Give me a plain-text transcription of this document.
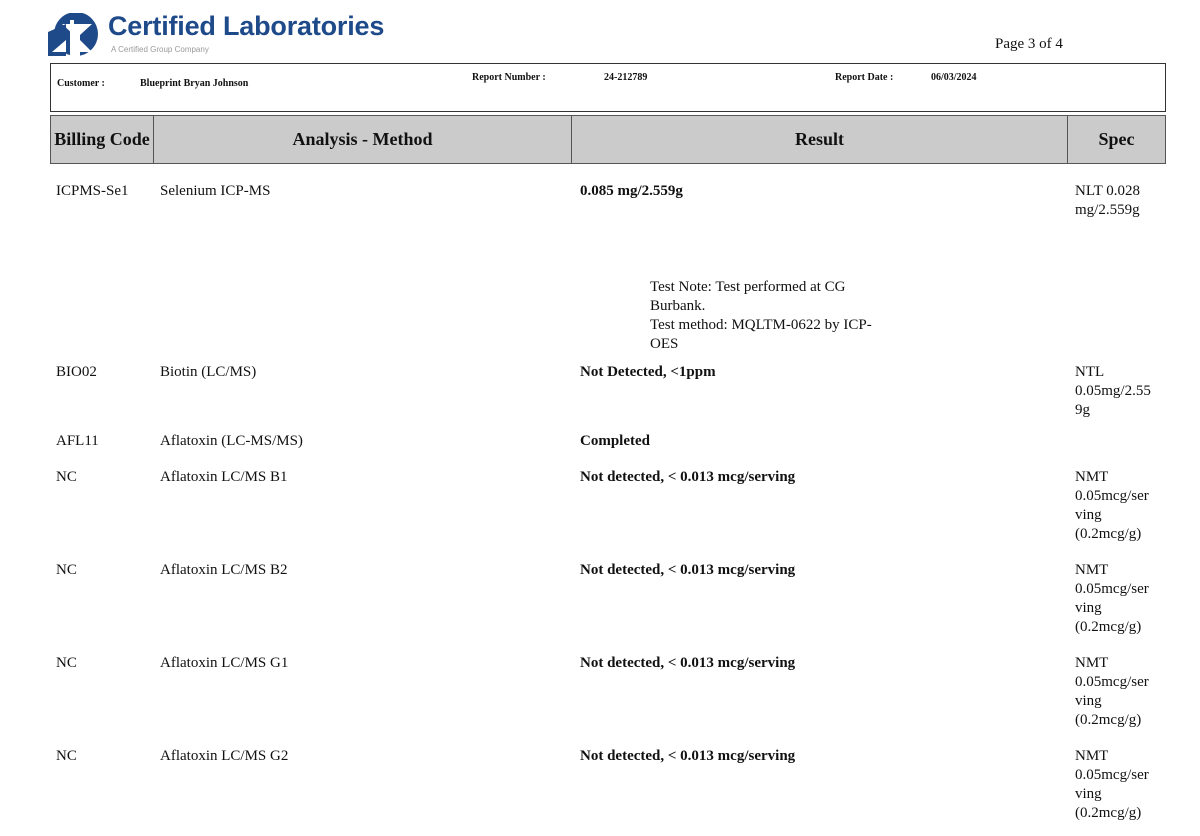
Certified Laboratories
A Certified Group Company	Page 3 of 4
Customer :	Blueprint Bryan Johnson
Report Number :	24-212789	Report Date :	06/03/2024
Billing Code	Analysis - Method	Result	Spec
ICPMS-Se1 Selenium ICP-MS	0.085 mg/2.559g	NLT 0.028
mg/2.559g
Test Note: Test performed at CG
Burbank.
Test method: MQLTM-0622 by ICP-
OES
BIO02	Biotin (LC/MS)	Not Detected, <1ppm	NTL
0.05mg/2.55
9g
AFL11	Aflatoxin (LC-MS/MS)	Completed
NC	Aflatoxin LC/MS B1	Not detected, < 0.013 mcg/serving	NMT
0.05mcg/ser
ving
(0.2mcg/g)
NC	Aflatoxin LC/MS B2	Not detected, < 0.013 mcg/serving	NMT
0.05mcg/ser
ving
(0.2mcg/g)
NC	Aflatoxin LC/MS G1	Not detected, < 0.013 mcg/serving	NMT
0.05mcg/ser
ving
(0.2mcg/g)
NC	Aflatoxin LC/MS G2	Not detected, < 0.013 mcg/serving	NMT
0.05mcg/ser
ving
(0.2mcg/g)
